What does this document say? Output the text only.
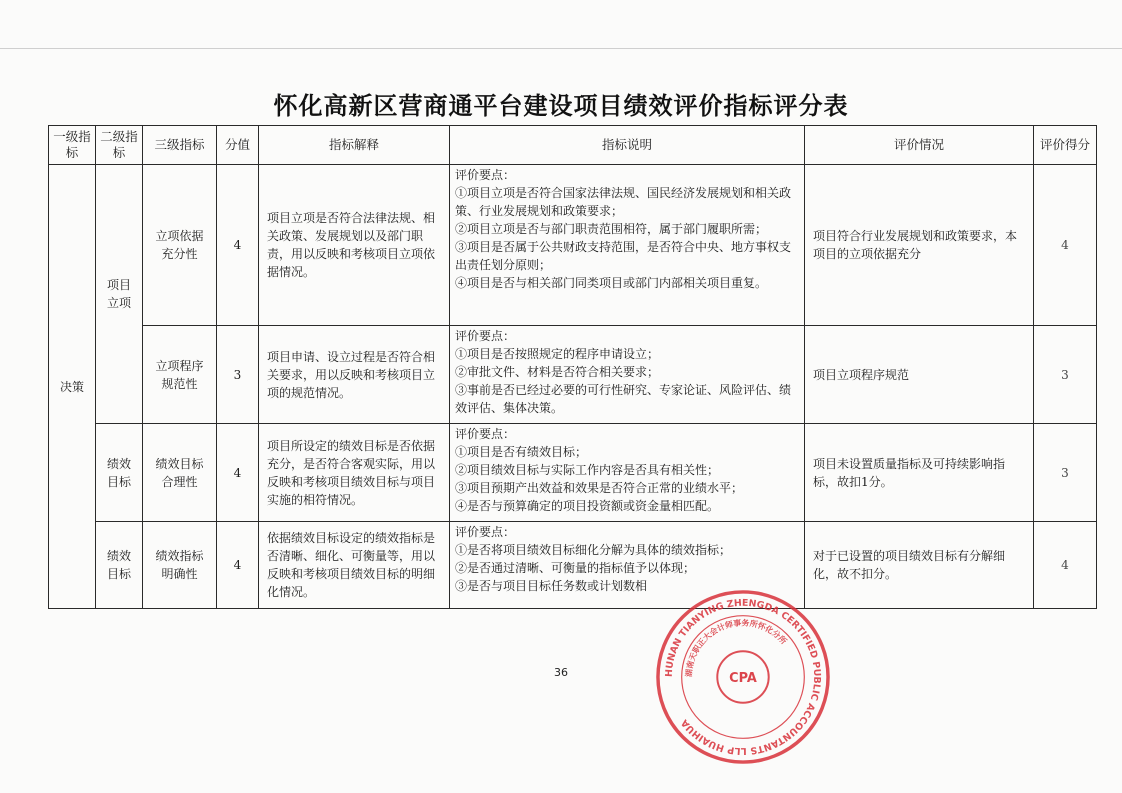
怀化高新区营商通平台建设项目绩效评价指标评分表
一级指标	二级指标	三级指标	分值	指标解释	指标说明	评价情况	评价得分
决策	项目立项	立项依据充分性	4	项目立项是否符合法律法规、相关政策、发展规划以及部门职责，用以反映和考核项目立项依据情况。	评价要点：
①项目立项是否符合国家法律法规、国民经济发展规划和相关政策、行业发展规划和政策要求；
②项目立项是否与部门职责范围相符，属于部门履职所需；
③项目是否属于公共财政支持范围，是否符合中央、地方事权支出责任划分原则；
④项目是否与相关部门同类项目或部门内部相关项目重复。	项目符合行业发展规划和政策要求，本项目的立项依据充分	4
		立项程序规范性	3	项目申请、设立过程是否符合相关要求，用以反映和考核项目立项的规范情况。	评价要点：
①项目是否按照规定的程序申请设立；
②审批文件、材料是否符合相关要求；
③事前是否已经过必要的可行性研究、专家论证、风险评估、绩效评估、集体决策。	项目立项程序规范	3
	绩效目标	绩效目标合理性	4	项目所设定的绩效目标是否依据充分，是否符合客观实际，用以反映和考核项目绩效目标与项目实施的相符情况。	评价要点：
①项目是否有绩效目标；
②项目绩效目标与实际工作内容是否具有相关性；
③项目预期产出效益和效果是否符合正常的业绩水平；
④是否与预算确定的项目投资额或资金量相匹配。	项目未设置质量指标及可持续影响指标，故扣1分。	3
	绩效目标	绩效指标明确性	4	依据绩效目标设定的绩效指标是否清晰、细化、可衡量等，用以反映和考核项目绩效目标的明细化情况。	评价要点：
①是否将项目绩效目标细化分解为具体的绩效指标；
②是否通过清晰、可衡量的指标值予以体现；
③是否与项目目标任务数或计划数相	对于已设置的项目绩效目标有分解细化，故不扣分。	4
36	HUNAN TIANYING ZHENGDA CERTIFIED PUBLIC ACCOUNTANTS LLP HUAIHUA
湖南天职正大会计师事务所怀化分所
CPA
